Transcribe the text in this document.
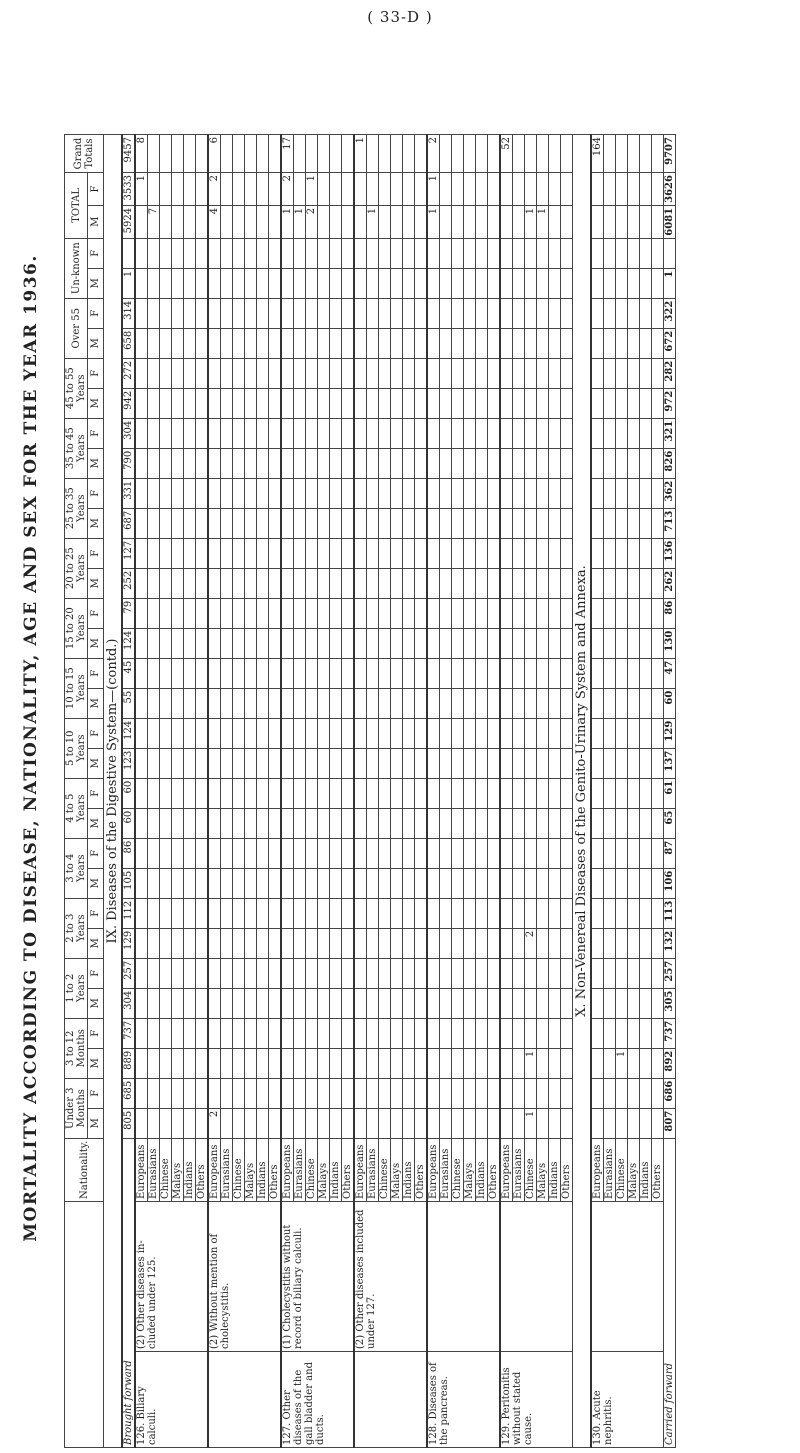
( 33-D )
MORTALITY ACCORDING TO DISEASE, NATIONALITY, AGE AND SEX FOR THE YEAR 1936.
		Nationality.	Under 3 Months		3 to 12 Months		1 to 2 Years		2 to 3 Years		3 to 4 Years		4 to 5 Years		5 to 10 Years		10 to 15 Years		15 to 20 Years		20 to 25 Years		25 to 35 Years		35 to 45 Years		45 to 55 Years		Over 55		Un-known		TOTAL		Grand Totals
			M	F	M	F	M	F	M	F	M	F	M	F	M	F	M	F	M	F	M	F	M	F	M	F	M	F	M	F	M	F	M	F	
IX. Diseases of the Digestive System—(contd.)																																			
Brought forward			805	685	889	737	304	257	129	112	105	86	60	60	123	124	55	45	124	79	252	127	687	331	790	304	942	272	658	314	1		5924	3533	9457
126. Biliary calculi.	(2) Other diseases in- cluded under 125.	Europeans																																1	8
		Eurasians																															7		
		Chinese																																	
		Malays																																	
		Indians																																	
		Others																																	
	(2) Without mention of cholecystitis.	Europeans	2																														4	2	6
		Eurasians																																	
		Chinese																																	
		Malays																																	
		Indians																																	
		Others																																	
127. Other diseases of the gall bladder and ducts.	(1) Cholecystitis without record of biliary calculi.	Europeans																															1	2	17
		Eurasians																															1		
		Chinese																															2	1	
		Malays																																	
		Indians																																	
		Others																																	
	(2) Other diseases included under 127.	Europeans																																	1
		Eurasians																															1		
		Chinese																																	
		Malays																																	
		Indians																																	
		Others																																	
128. Diseases of the pancreas.		Europeans																															1	1	2
		Eurasians																																	
		Chinese																																	
		Malays																																	
		Indians																																	
		Others																																	
129. Peritonitis without stated cause.		Europeans																																	52
		Eurasians																																	
		Chinese	1		1				2																								1		
		Malays																															1		
		Indians																																	
		Others																																	
X. Non-Venereal Diseases of the Genito-Urinary System and Annexa.																																			
130. Acute nephritis.		Europeans																																	164
		Eurasians																																	
		Chinese			1																														
		Malays																																	
		Indians																																	
		Others																																	
Carried forward			807	686	892	737	305	257	132	113	106	87	65	61	137	129	60	47	130	86	262	136	713	362	826	321	972	282	672	322	1		6081	3626	9707
